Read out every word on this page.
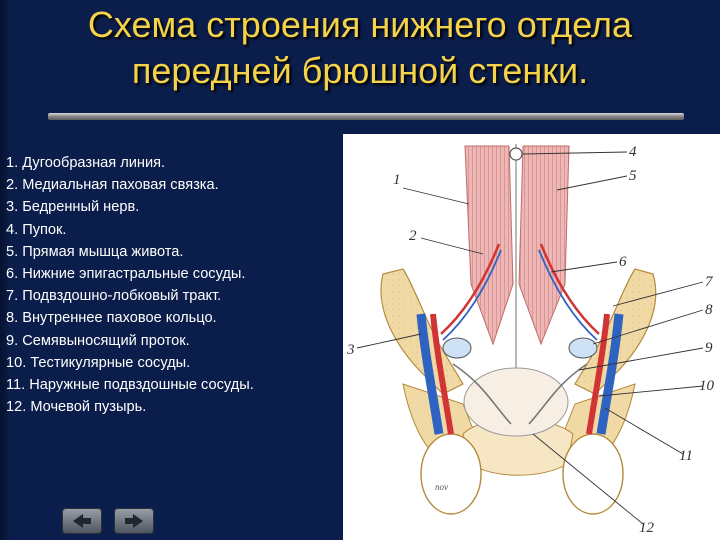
Схема строения нижнего отдела
передней брюшной стенки.
1. Дугообразная линия.
2. Медиальная паховая связка.
3. Бедренный нерв.
4. Пупок.
5. Прямая мышца живота.
6. Нижние эпигастральные сосуды.
7. Подвздошно-лобковый тракт.
8. Внутреннее паховое кольцо.
9. Семявыносящий проток.
10. Тестикулярные сосуды.
11. Наружные подвздошные сосуды.
12. Мочевой пузырь.
1
2
3
4
5
6
7
8
9
10
11
12
nov
